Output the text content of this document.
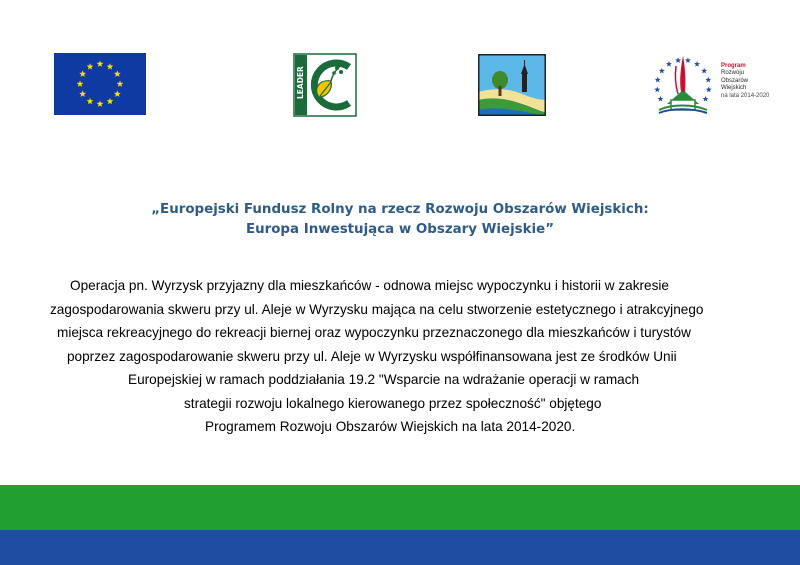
LEADER
Program
Rozwoju
Obszarów
Wiejskich
na lata 2014-2020
„Europejski Fundusz Rolny na rzecz Rozwoju Obszarów Wiejskich:
Europa Inwestująca w Obszary Wiejskie”
Operacja pn. Wyrzysk przyjazny dla mieszkańców - odnowa miejsc wypoczynku i historii w zakresie
zagospodarowania skweru przy ul. Aleje w Wyrzysku mająca na celu stworzenie estetycznego i atrakcyjnego
miejsca rekreacyjnego do rekreacji biernej oraz wypoczynku przeznaczonego dla mieszkańców i turystów
poprzez zagospodarowanie skweru przy ul. Aleje w Wyrzysku współfinansowana jest ze środków Unii
Europejskiej w ramach poddziałania 19.2 "Wsparcie na wdrażanie operacji w ramach
strategii rozwoju lokalnego kierowanego przez społeczność" objętego
Programem Rozwoju Obszarów Wiejskich na lata 2014-2020.
